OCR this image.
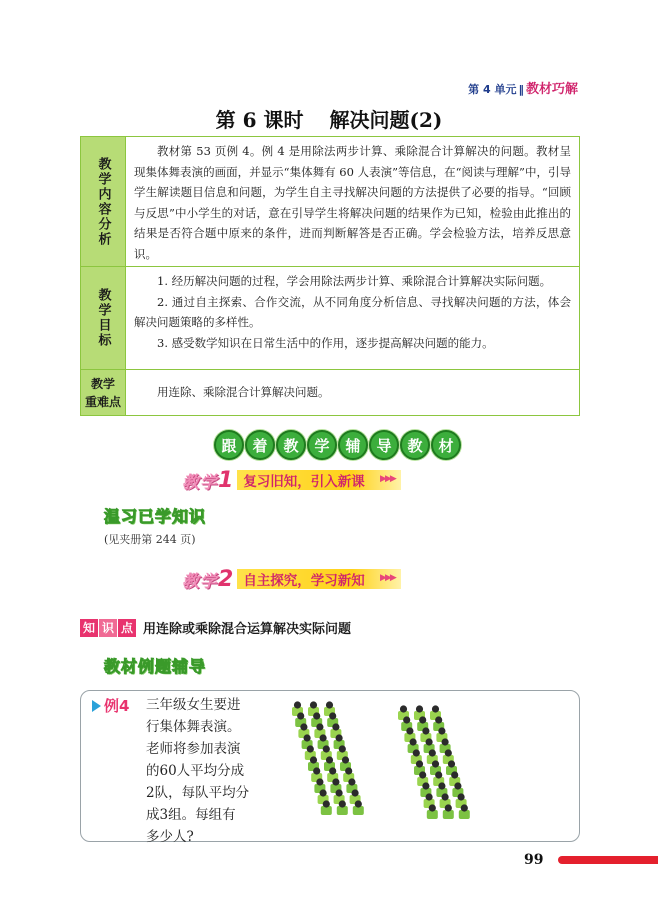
第 4 单元 ‖ 教材巧解
第 6 课时 解决问题(2)
教学内容分析

教材第 53 页例 4。例 4 是用除法两步计算、乘除混合计算解决的问题。教材呈现集体舞表演的画面，并显示“集体舞有 60 人表演”等信息，在“阅读与理解”中，引导学生解读题目信息和问题，为学生自主寻找解决问题的方法提供了必要的指导。“回顾与反思”中小学生的对话，意在引导学生将解决问题的结果作为已知，检验由此推出的结果是否符合题中原来的条件，进而判断解答是否正确。学会检验方法，培养反思意识。

教学目标

1. 经历解决问题的过程，学会用除法两步计算、乘除混合计算解决实际问题。

2. 通过自主探索、合作交流，从不同角度分析信息、寻找解决问题的方法，体会解决问题策略的多样性。

3. 感受数学知识在日常生活中的作用，逐步提高解决问题的能力。

教学
重难点

用连除、乘除混合计算解决问题。

跟	着	教	学	辅	导	教	材
教学 1 复习旧知，引入新课 ▶▶▶
温习已学知识
(见夹册第 244 页)
教学 2 自主探究，学习新知 ▶▶▶
知 识 点 用连除或乘除混合运算解决实际问题
教材例题辅导
例4 三年级女生要进
行集体舞表演。
老师将参加表演
的60人平均分成
2队，每队平均分
成3组。每组有
多少人?
99
